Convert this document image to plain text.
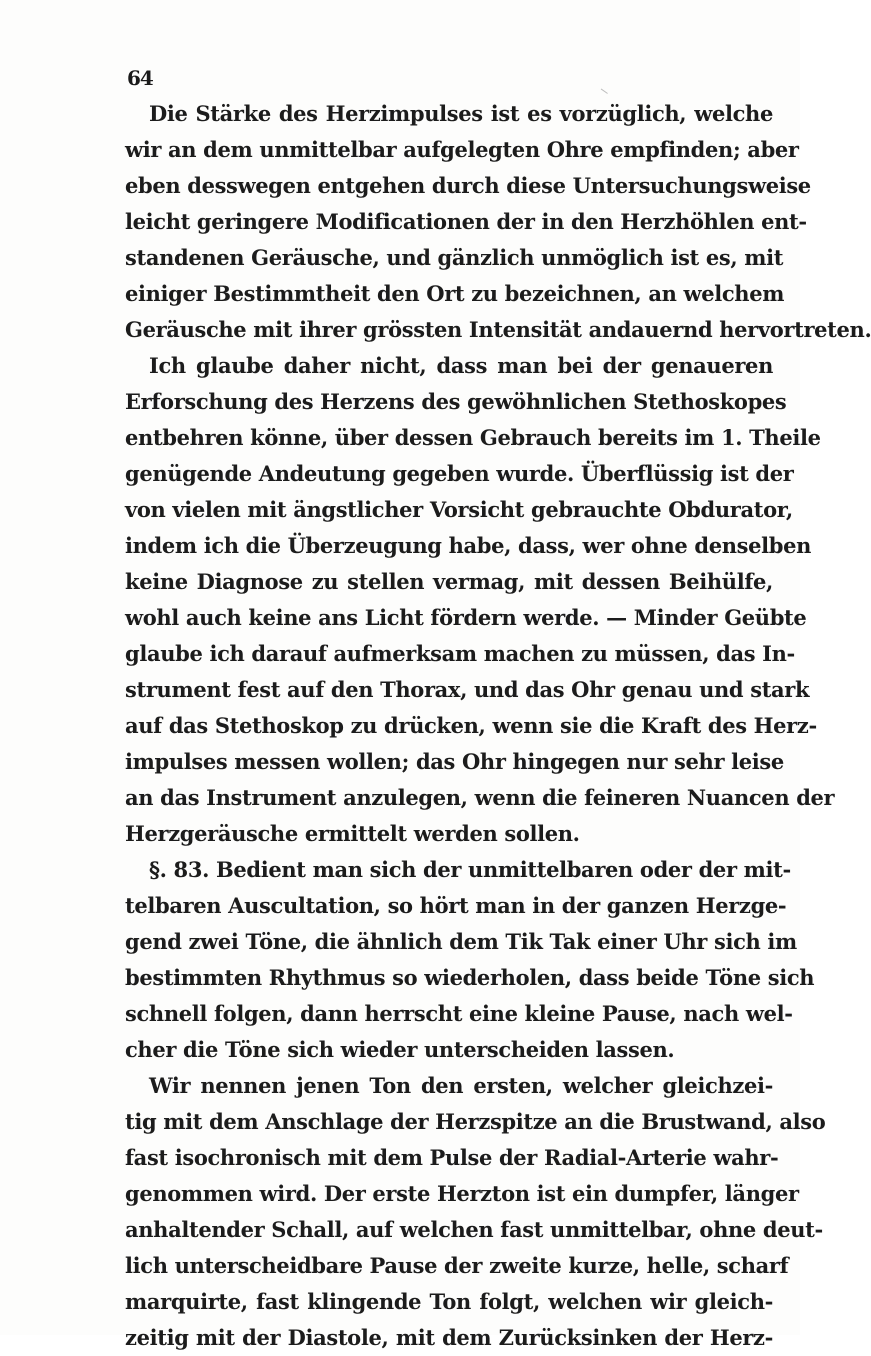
64
Die Stärke des Herzimpulses ist es vorzüglich, welche
wir an dem unmittelbar aufgelegten Ohre empfinden; aber
eben desswegen entgehen durch diese Untersuchungsweise
leicht geringere Modificationen der in den Herzhöhlen ent-
standenen Geräusche, und gänzlich unmöglich ist es, mit
einiger Bestimmtheit den Ort zu bezeichnen, an welchem
Geräusche mit ihrer grössten Intensität andauernd hervortreten.
Ich glaube daher nicht, dass man bei der genaueren
Erforschung des Herzens des gewöhnlichen Stethoskopes
entbehren könne, über dessen Gebrauch bereits im 1. Theile
genügende Andeutung gegeben wurde. Überflüssig ist der
von vielen mit ängstlicher Vorsicht gebrauchte Obdurator,
indem ich die Überzeugung habe, dass, wer ohne denselben
keine Diagnose zu stellen vermag, mit dessen Beihülfe,
wohl auch keine ans Licht fördern werde. — Minder Geübte
glaube ich darauf aufmerksam machen zu müssen, das In-
strument fest auf den Thorax, und das Ohr genau und stark
auf das Stethoskop zu drücken, wenn sie die Kraft des Herz-
impulses messen wollen; das Ohr hingegen nur sehr leise
an das Instrument anzulegen, wenn die feineren Nuancen der
Herzgeräusche ermittelt werden sollen.
§. 83. Bedient man sich der unmittelbaren oder der mit-
telbaren Auscultation, so hört man in der ganzen Herzge-
gend zwei Töne, die ähnlich dem Tik Tak einer Uhr sich im
bestimmten Rhythmus so wiederholen, dass beide Töne sich
schnell folgen, dann herrscht eine kleine Pause, nach wel-
cher die Töne sich wieder unterscheiden lassen.
Wir nennen jenen Ton den ersten, welcher gleichzei-
tig mit dem Anschlage der Herzspitze an die Brustwand, also
fast isochronisch mit dem Pulse der Radial-Arterie wahr-
genommen wird. Der erste Herzton ist ein dumpfer, länger
anhaltender Schall, auf welchen fast unmittelbar, ohne deut-
lich unterscheidbare Pause der zweite kurze, helle, scharf
marquirte, fast klingende Ton folgt, welchen wir gleich-
zeitig mit der Diastole, mit dem Zurücksinken der Herz-
